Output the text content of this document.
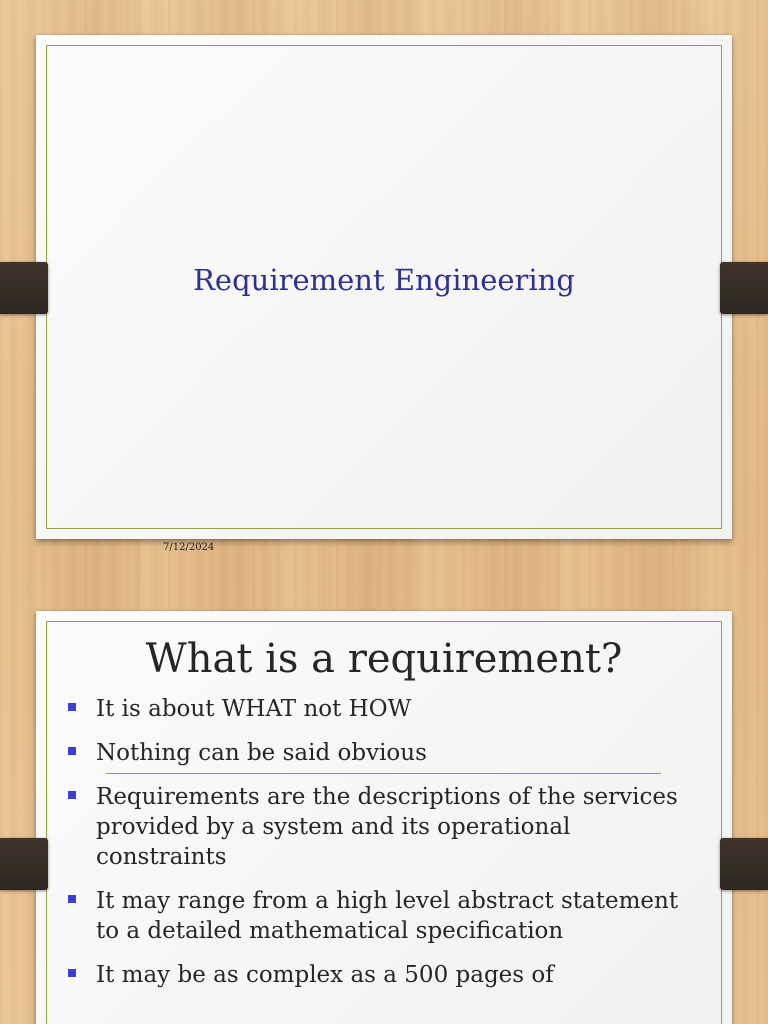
Requirement Engineering
7/12/2024
What is a requirement?
It is about WHAT not HOW
Nothing can be said obvious
Requirements are the descriptions of the services provided by a system and its operational constraints
It may range from a high level abstract statement to a detailed mathematical specification
It may be as complex as a 500 pages of
